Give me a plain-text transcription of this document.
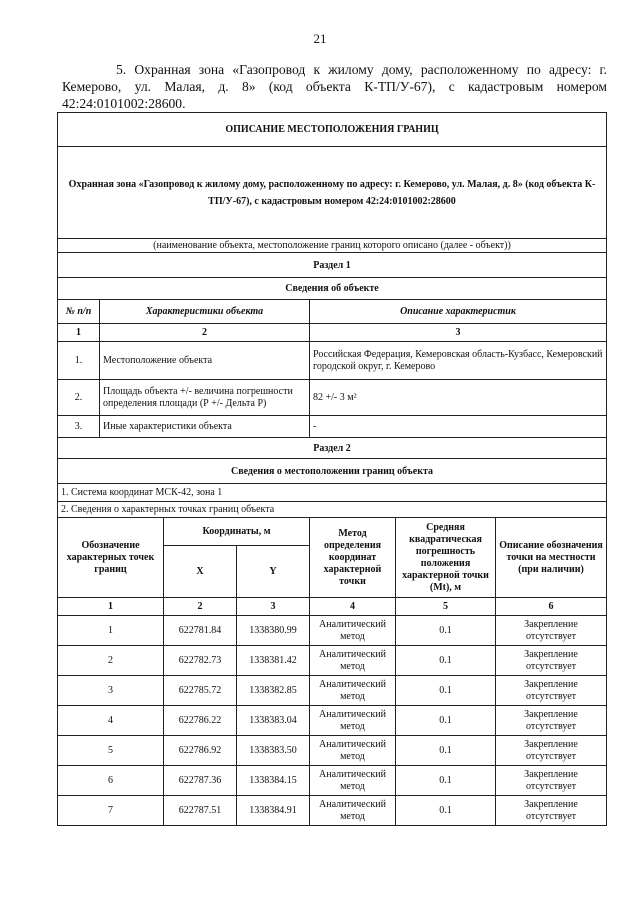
21
5. Охранная зона «Газопровод к жилому дому, расположенному по адресу: г. Кемерово, ул. Малая, д. 8» (код объекта К-ТП/У-67), с кадастровым номером 42:24:0101002:28600.
ОПИСАНИЕ МЕСТОПОЛОЖЕНИЯ ГРАНИЦ						
Охранная зона «Газопровод к жилому дому, расположенному по адресу: г. Кемерово, ул. Малая, д. 8» (код объекта К-ТП/У-67), с кадастровым номером 42:24:0101002:28600						
(наименование объекта, местоположение границ которого описано (далее - объект))						
Раздел 1						
Сведения об объекте						
№ п/п	Характеристики объекта			Описание характеристик		
1	2			3		
1.	Местоположение объекта			Российская Федерация, Кемеровская область-Кузбасс, Кемеровский городской округ, г. Кемерово		
2.	Площадь объекта +/- величина погрешности определения площади (Р +/- Дельта Р)			82 +/- 3 м²		
3.	Иные характеристики объекта			-		
Раздел 2						
Сведения о местоположении границ объекта						
1. Система координат МСК-42, зона 1						
2. Сведения о характерных точках границ объекта						
Обозначение характерных точек границ		Координаты, м		Метод определения координат характерной точки	Средняя квадратическая погрешность положения характерной точки (Mt), м	Описание обозначения точки на местности (при наличии)
		X	Y			
1		2	3	4	5	6
1		622781.84	1338380.99	Аналитический метод	0.1	Закрепление отсутствует
2		622782.73	1338381.42	Аналитический метод	0.1	Закрепление отсутствует
3		622785.72	1338382.85	Аналитический метод	0.1	Закрепление отсутствует
4		622786.22	1338383.04	Аналитический метод	0.1	Закрепление отсутствует
5		622786.92	1338383.50	Аналитический метод	0.1	Закрепление отсутствует
6		622787.36	1338384.15	Аналитический метод	0.1	Закрепление отсутствует
7		622787.51	1338384.91	Аналитический метод	0.1	Закрепление отсутствует
